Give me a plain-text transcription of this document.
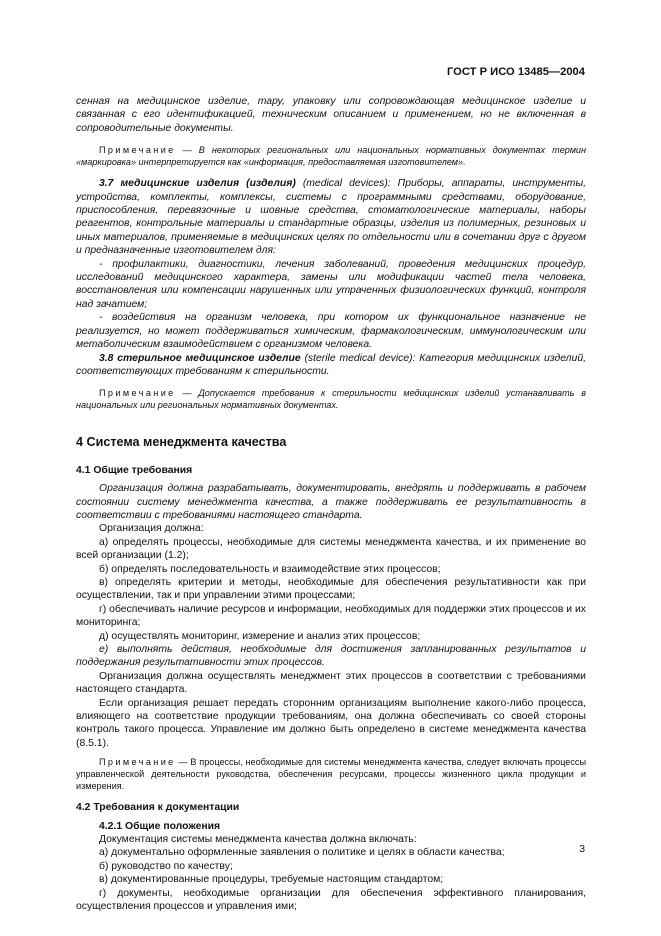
ГОСТ Р ИСО 13485—2004

сенная на медицинское изделие, тару, упаковку или сопровождающая медицинское изделие и связанная с его идентификацией, техническим описанием и применением, но не включенная в сопроводительные документы.

Примечание — В некоторых региональных или национальных нормативных документах термин «маркировка» интерпретируется как «информация, предоставляемая изготовителем».

3.7 медицинские изделия (изделия) (medical devices): Приборы, аппараты, инструменты, устройства, комплекты, комплексы, системы с программными средствами, оборудование, приспособления, перевязочные и шовные средства, стоматологические материалы, наборы реагентов, контрольные материалы и стандартные образцы, изделия из полимерных, резиновых и иных материалов, применяемые в медицинских целях по отдельности или в сочетании друг с другом и предназначенные изготовителем для:

- профилактики, диагностики, лечения заболеваний, проведения медицинских процедур, исследований медицинского характера, замены или модификации частей тела человека, восстановления или компенсации нарушенных или утраченных физиологических функций, контроля над зачатием;

- воздействия на организм человека, при котором их функциональное назначение не реализуется, но может поддерживаться химическим, фармакологическим, иммунологическим или метаболическим взаимодействием с организмом человека.

3.8 стерильное медицинское изделие (sterile medical device): Категория медицинских изделий, соответствующих требованиям к стерильности.

Примечание — Допускается требования к стерильности медицинских изделий устанавливать в национальных или региональных нормативных документах.

4 Система менеджмента качества

4.1 Общие требования

Организация должна разрабатывать, документировать, внедрять и поддерживать в рабочем состоянии систему менеджмента качества, а также поддерживать ее результативность в соответствии с требованиями настоящего стандарта.

Организация должна:

а) определять процессы, необходимые для системы менеджмента качества, и их применение во всей организации (1.2);

б) определять последовательность и взаимодействие этих процессов;

в) определять критерии и методы, необходимые для обеспечения результативности как при осуществлении, так и при управлении этими процессами;

г) обеспечивать наличие ресурсов и информации, необходимых для поддержки этих процессов и их мониторинга;

д) осуществлять мониторинг, измерение и анализ этих процессов;

е) выполнять действия, необходимые для достижения запланированных результатов и поддержания результативности этих процессов.

Организация должна осуществлять менеджмент этих процессов в соответствии с требованиями настоящего стандарта.

Если организация решает передать сторонним организациям выполнение какого-либо процесса, влияющего на соответствие продукции требованиям, она должна обеспечивать со своей стороны контроль такого процесса. Управление им должно быть определено в системе менеджмента качества (8.5.1).

Примечание — В процессы, необходимые для системы менеджмента качества, следует включать процессы управленческой деятельности руководства, обеспечения ресурсами, процессы жизненного цикла продукции и измерения.

4.2 Требования к документации

4.2.1 Общие положения

Документация системы менеджмента качества должна включать:

а) документально оформленные заявления о политике и целях в области качества;

б) руководство по качеству;

в) документированные процедуры, требуемые настоящим стандартом;

г) документы, необходимые организации для обеспечения эффективного планирования, осуществления процессов и управления ими;

3
